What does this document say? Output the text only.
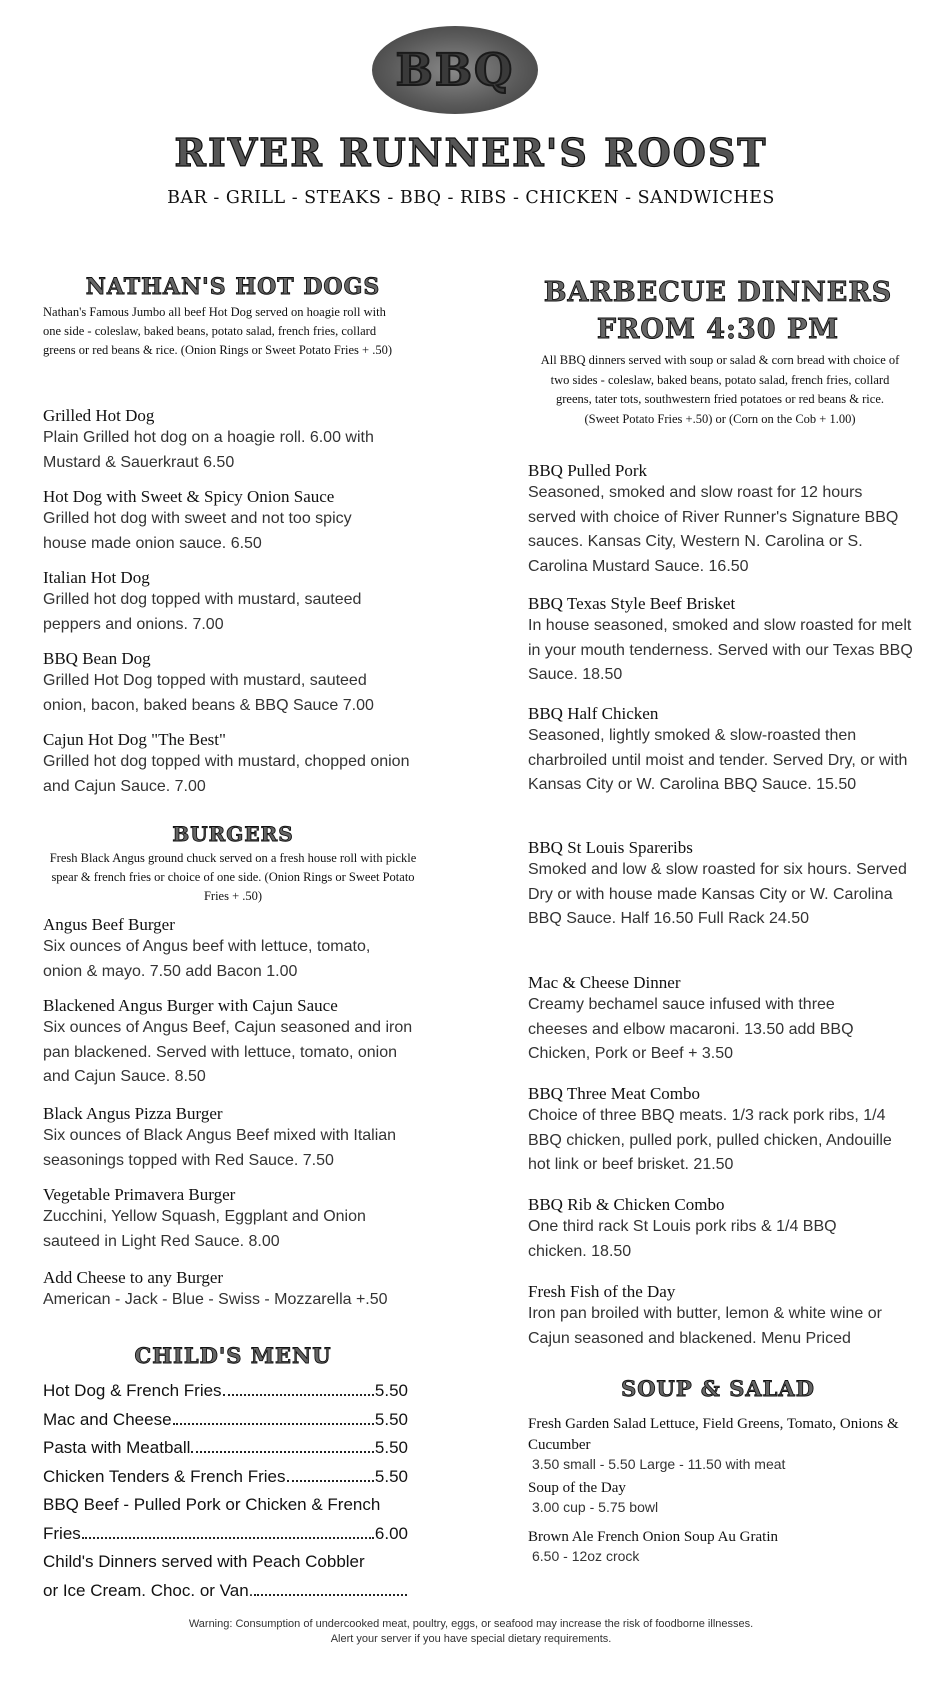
BBQ
RIVER RUNNER'S ROOST
BAR - GRILL - STEAKS - BBQ - RIBS - CHICKEN - SANDWICHES
NATHAN'S HOT DOGS
Nathan's Famous Jumbo all beef Hot Dog served on hoagie roll with one side - coleslaw, baked beans, potato salad, french fries, collard greens or red beans & rice. (Onion Rings or Sweet Potato Fries + .50)
Grilled Hot Dog
Plain Grilled hot dog on a hoagie roll. 6.00 with Mustard & Sauerkraut 6.50
Hot Dog with Sweet & Spicy Onion Sauce
Grilled hot dog with sweet and not too spicy house made onion sauce. 6.50
Italian Hot Dog
Grilled hot dog topped with mustard, sauteed peppers and onions. 7.00
BBQ Bean Dog
Grilled Hot Dog topped with mustard, sauteed onion, bacon, baked beans & BBQ Sauce 7.00
Cajun Hot Dog "The Best"
Grilled hot dog topped with mustard, chopped onion and Cajun Sauce. 7.00
BURGERS
Fresh Black Angus ground chuck served on a fresh house roll with pickle spear & french fries or choice of one side. (Onion Rings or Sweet Potato Fries + .50)
Angus Beef Burger
Six ounces of Angus beef with lettuce, tomato, onion & mayo. 7.50 add Bacon 1.00
Blackened Angus Burger with Cajun Sauce
Six ounces of Angus Beef, Cajun seasoned and iron pan blackened. Served with lettuce, tomato, onion and Cajun Sauce. 8.50
Black Angus Pizza Burger
Six ounces of Black Angus Beef mixed with Italian seasonings topped with Red Sauce. 7.50
Vegetable Primavera Burger
Zucchini, Yellow Squash, Eggplant and Onion sauteed in Light Red Sauce. 8.00
Add Cheese to any Burger
American - Jack - Blue - Swiss - Mozzarella +.50
CHILD'S MENU
Hot Dog & French Fries	5.50
Mac and Cheese	5.50
Pasta with Meatball	5.50
Chicken Tenders & French Fries	5.50
BBQ Beef - Pulled Pork or Chicken & French
Fries	6.00
Child's Dinners served with Peach Cobbler
or Ice Cream. Choc. or Van.
BARBECUE DINNERS
FROM 4:30 PM
All BBQ dinners served with soup or salad & corn bread with choice of two sides - coleslaw, baked beans, potato salad, french fries, collard greens, tater tots, southwestern fried potatoes or red beans & rice.
(Sweet Potato Fries +.50) or (Corn on the Cob + 1.00)
BBQ Pulled Pork
Seasoned, smoked and slow roast for 12 hours served with choice of River Runner's Signature BBQ sauces. Kansas City, Western N. Carolina or S. Carolina Mustard Sauce. 16.50
BBQ Texas Style Beef Brisket
In house seasoned, smoked and slow roasted for melt in your mouth tenderness. Served with our Texas BBQ Sauce. 18.50
BBQ Half Chicken
Seasoned, lightly smoked & slow-roasted then charbroiled until moist and tender. Served Dry, or with Kansas City or W. Carolina BBQ Sauce. 15.50
BBQ St Louis Spareribs
Smoked and low & slow roasted for six hours. Served Dry or with house made Kansas City or W. Carolina BBQ Sauce. Half 16.50 Full Rack 24.50
Mac & Cheese Dinner
Creamy bechamel sauce infused with three cheeses and elbow macaroni. 13.50 add BBQ Chicken, Pork or Beef + 3.50
BBQ Three Meat Combo
Choice of three BBQ meats. 1/3 rack pork ribs, 1/4 BBQ chicken, pulled pork, pulled chicken, Andouille hot link or beef brisket. 21.50
BBQ Rib & Chicken Combo
One third rack St Louis pork ribs & 1/4 BBQ chicken. 18.50
Fresh Fish of the Day
Iron pan broiled with butter, lemon & white wine or Cajun seasoned and blackened. Menu Priced
SOUP & SALAD
Fresh Garden Salad Lettuce, Field Greens, Tomato, Onions & Cucumber
3.50 small - 5.50 Large - 11.50 with meat
Soup of the Day
3.00 cup - 5.75 bowl
Brown Ale French Onion Soup Au Gratin
6.50 - 12oz crock
Warning: Consumption of undercooked meat, poultry, eggs, or seafood may increase the risk of foodborne illnesses.
Alert your server if you have special dietary requirements.
